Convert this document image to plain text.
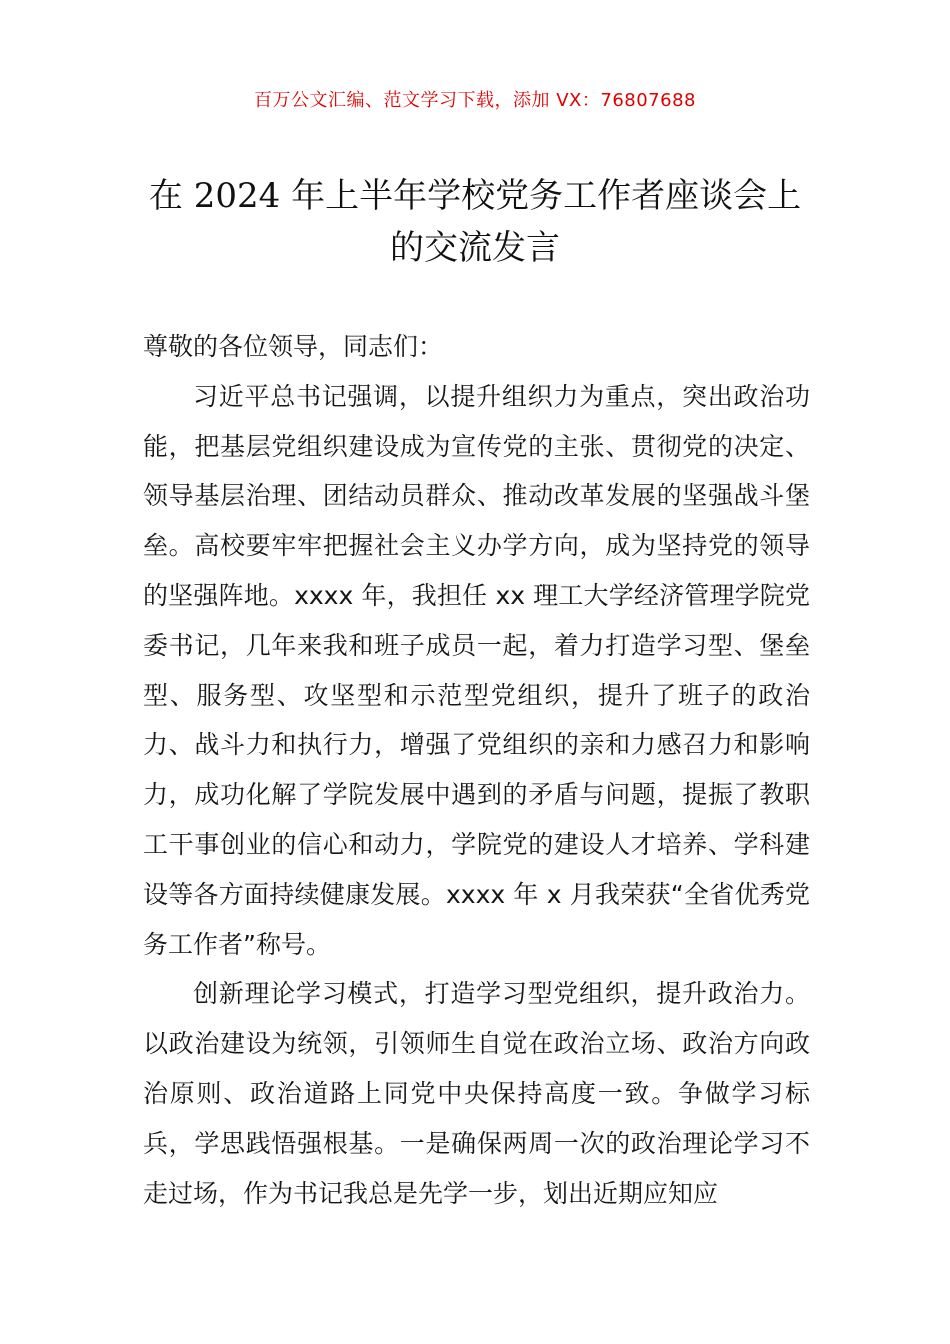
百万公文汇编、范文学习下载，添加 VX：76807688
在 2024 年上半年学校党务工作者座谈会上
的交流发言

尊敬的各位领导，同志们：

习近平总书记强调，以提升组织力为重点，突出政治功能，把基层党组织建设成为宣传党的主张、贯彻党的决定、领导基层治理、团结动员群众、推动改革发展的坚强战斗堡垒。高校要牢牢把握社会主义办学方向，成为坚持党的领导的坚强阵地。xxxx 年，我担任 xx 理工大学经济管理学院党委书记，几年来我和班子成员一起，着力打造学习型、堡垒型、服务型、攻坚型和示范型党组织，提升了班子的政治力、战斗力和执行力，增强了党组织的亲和力感召力和影响力，成功化解了学院发展中遇到的矛盾与问题，提振了教职工干事创业的信心和动力，学院党的建设人才培养、学科建设等各方面持续健康发展。xxxx 年 x 月我荣获“全省优秀党务工作者”称号。

创新理论学习模式，打造学习型党组织，提升政治力。以政治建设为统领，引领师生自觉在政治立场、政治方向政治原则、政治道路上同党中央保持高度一致。争做学习标兵，学思践悟强根基。一是确保两周一次的政治理论学习不走过场，作为书记我总是先学一步，划出近期应知应
